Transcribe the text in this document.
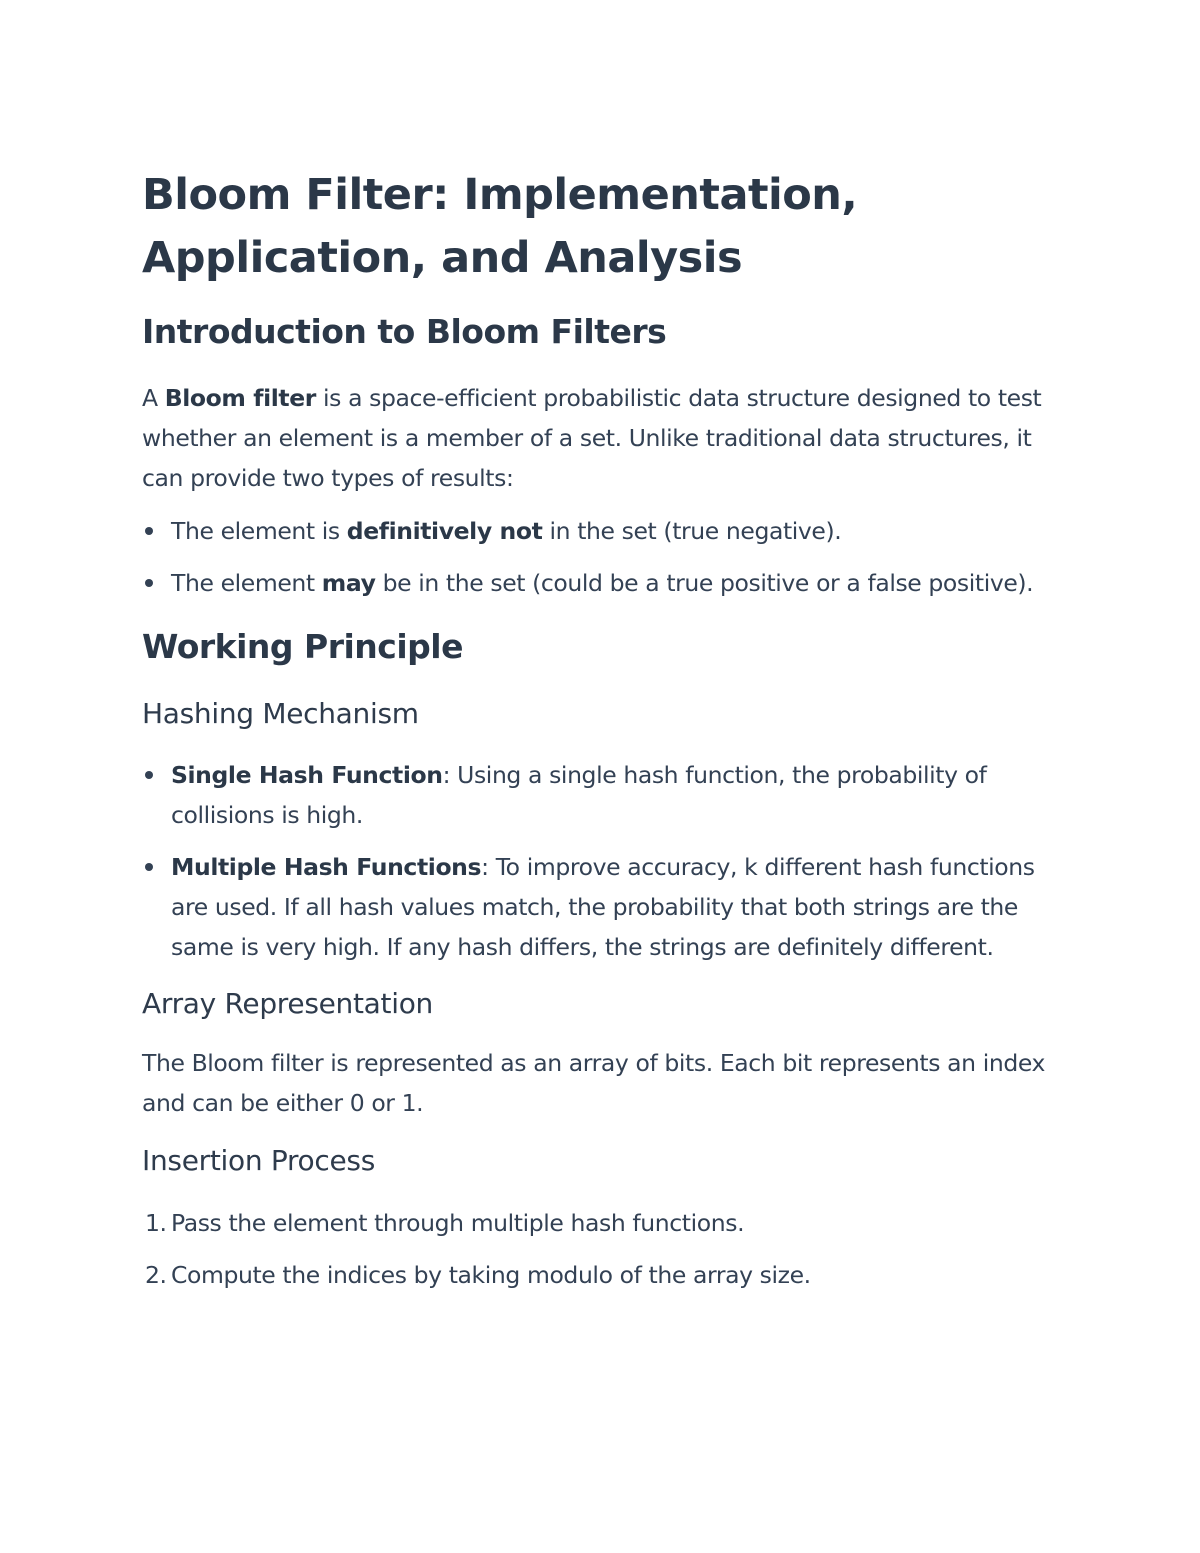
Bloom Filter: Implementation, Application, and Analysis
Introduction to Bloom Filters

A Bloom filter is a space-efficient probabilistic data structure designed to test whether an element is a member of a set. Unlike traditional data structures, it can provide two types of results:

The element is definitively not in the set (true negative).
The element may be in the set (could be a true positive or a false positive).
Working Principle
Hashing Mechanism
Single Hash Function: Using a single hash function, the probability of collisions is high.
Multiple Hash Functions: To improve accuracy, k different hash functions are used. If all hash values match, the probability that both strings are the same is very high. If any hash differs, the strings are definitely different.
Array Representation

The Bloom filter is represented as an array of bits. Each bit represents an index and can be either 0 or 1.

Insertion Process
1. Pass the element through multiple hash functions.
2. Compute the indices by taking modulo of the array size.
